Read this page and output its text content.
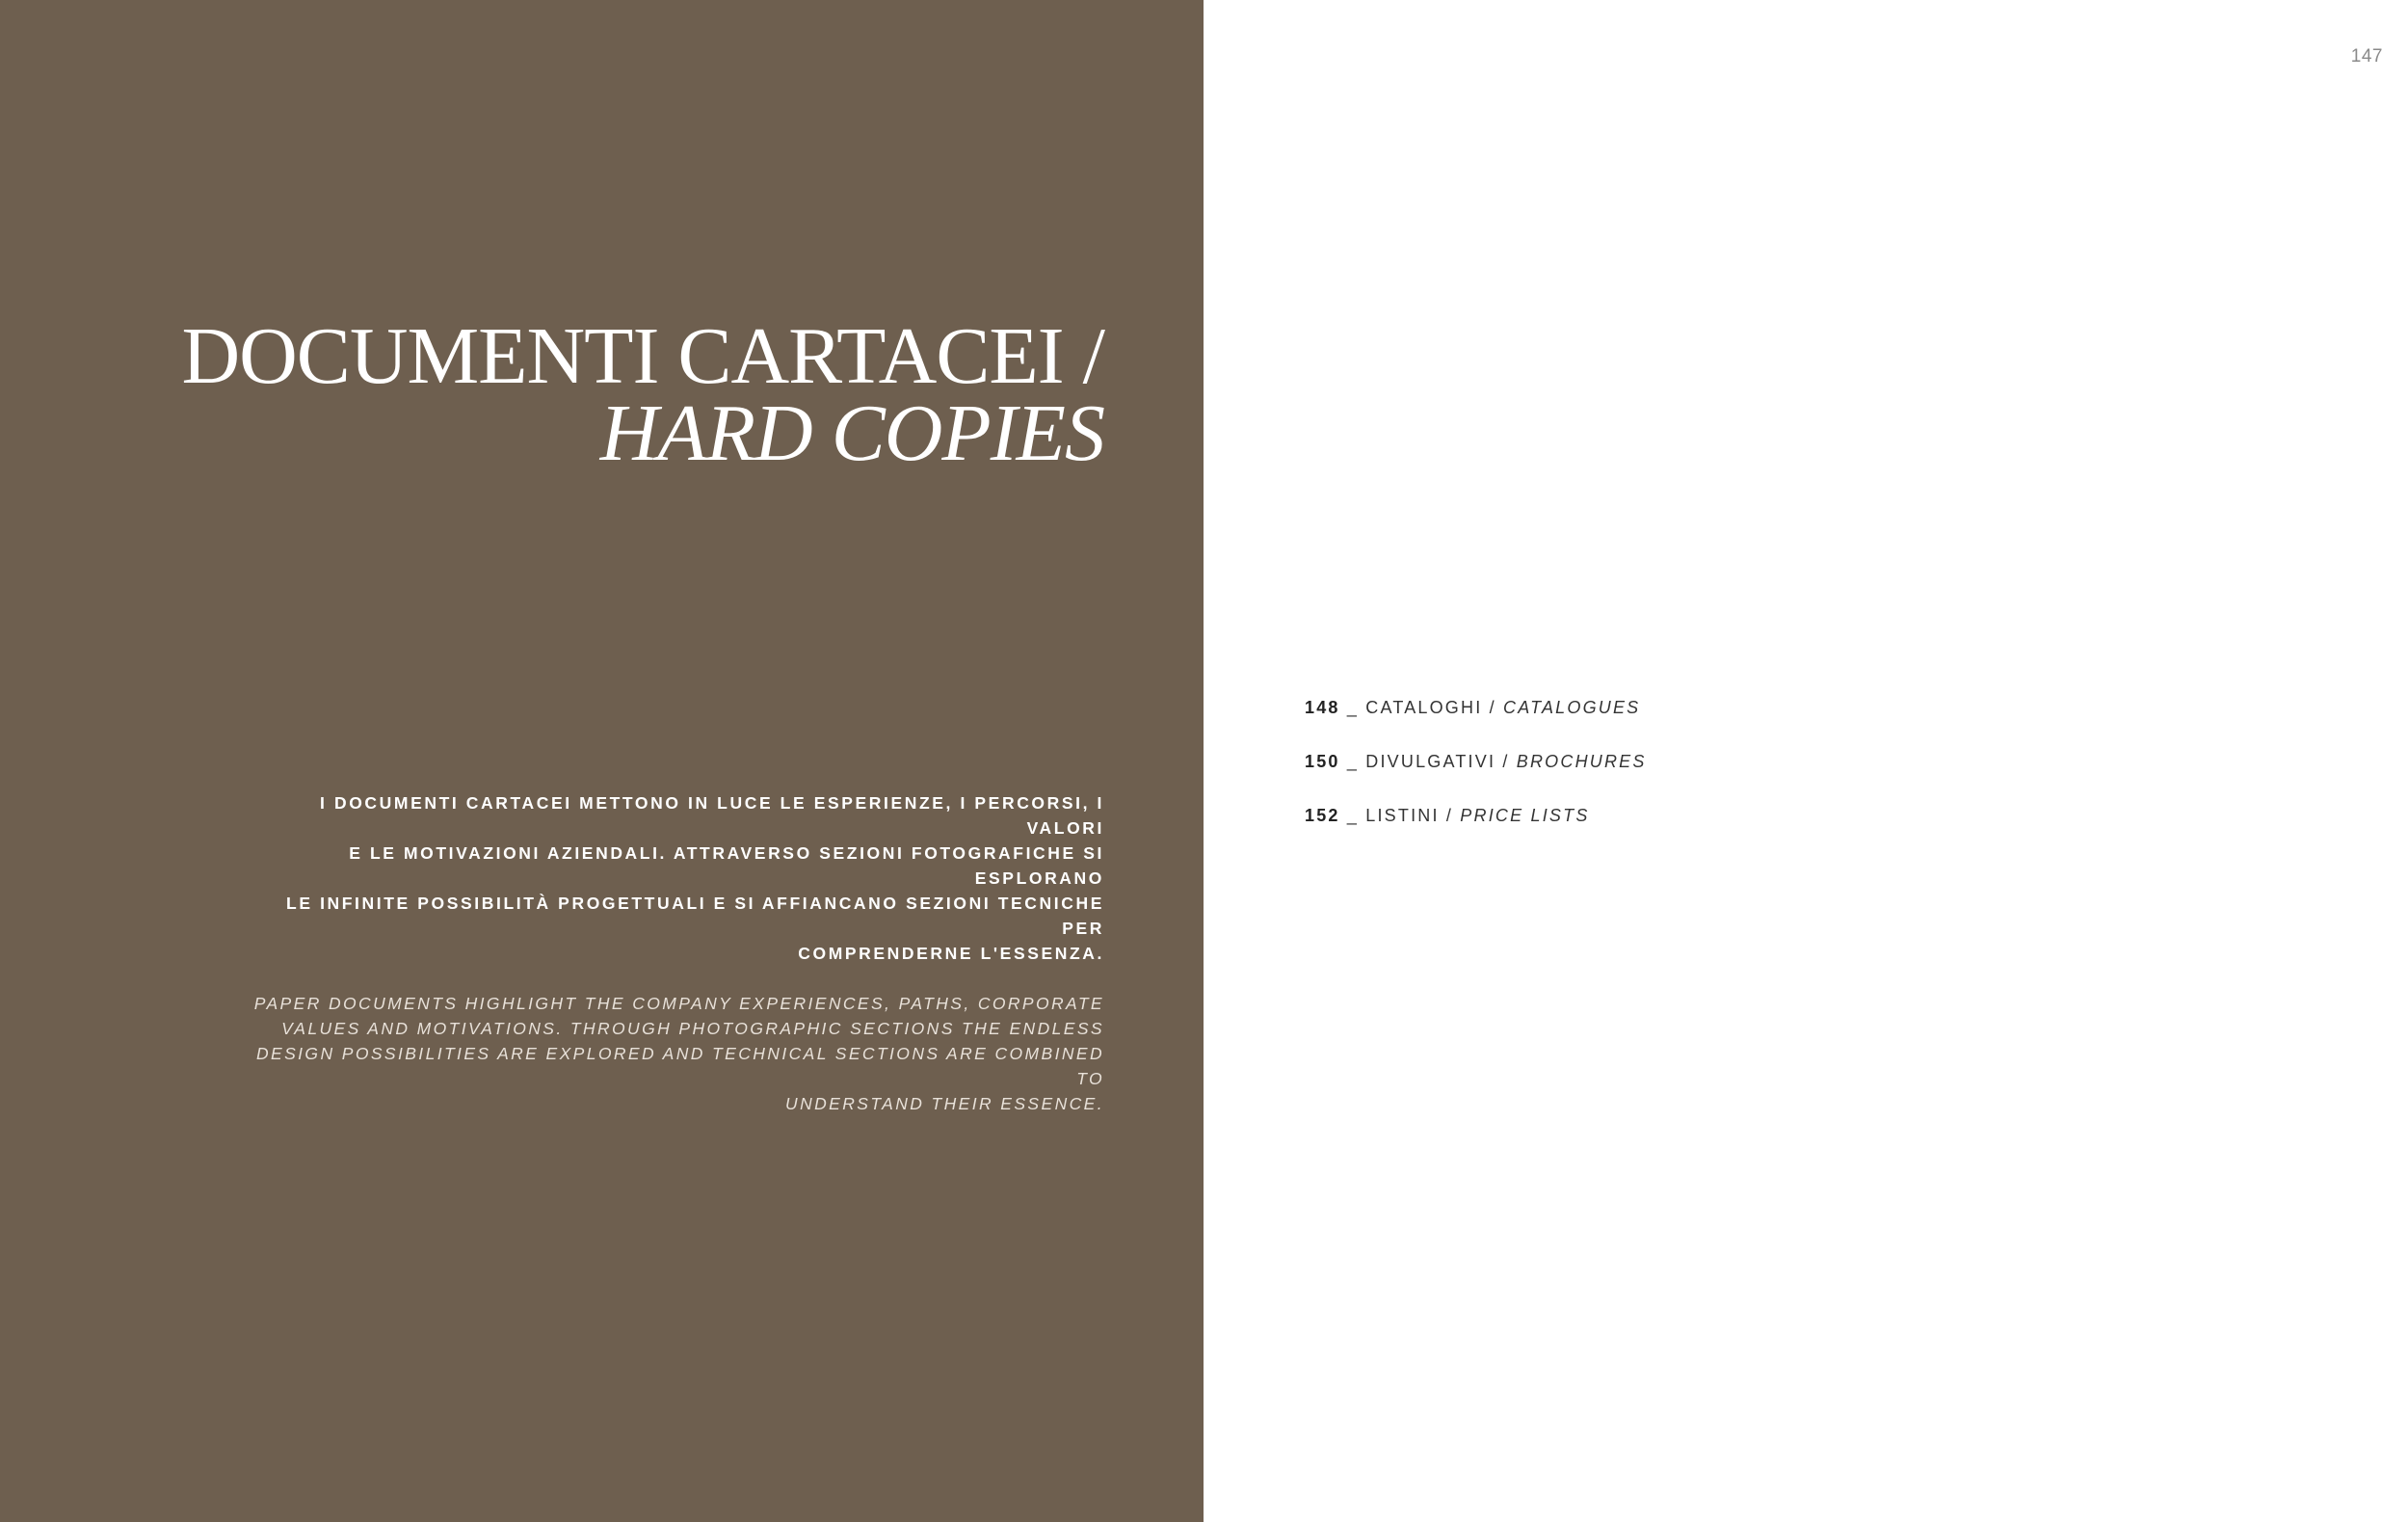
DOCUMENTI CARTACEI /
HARD COPIES

I DOCUMENTI CARTACEI METTONO IN LUCE LE ESPERIENZE, I PERCORSI, I VALORI
E LE MOTIVAZIONI AZIENDALI. ATTRAVERSO SEZIONI FOTOGRAFICHE SI ESPLORANO
LE INFINITE POSSIBILITÀ PROGETTUALI E SI AFFIANCANO SEZIONI TECNICHE PER
COMPRENDERNE L'ESSENZA.

PAPER DOCUMENTS HIGHLIGHT THE COMPANY EXPERIENCES, PATHS, CORPORATE
VALUES AND MOTIVATIONS. THROUGH PHOTOGRAPHIC SECTIONS THE ENDLESS
DESIGN POSSIBILITIES ARE EXPLORED AND TECHNICAL SECTIONS ARE COMBINED TO
UNDERSTAND THEIR ESSENCE.

147
148 _ CATALOGHI / CATALOGUES
150 _ DIVULGATIVI / BROCHURES
152 _ LISTINI / PRICE LISTS
